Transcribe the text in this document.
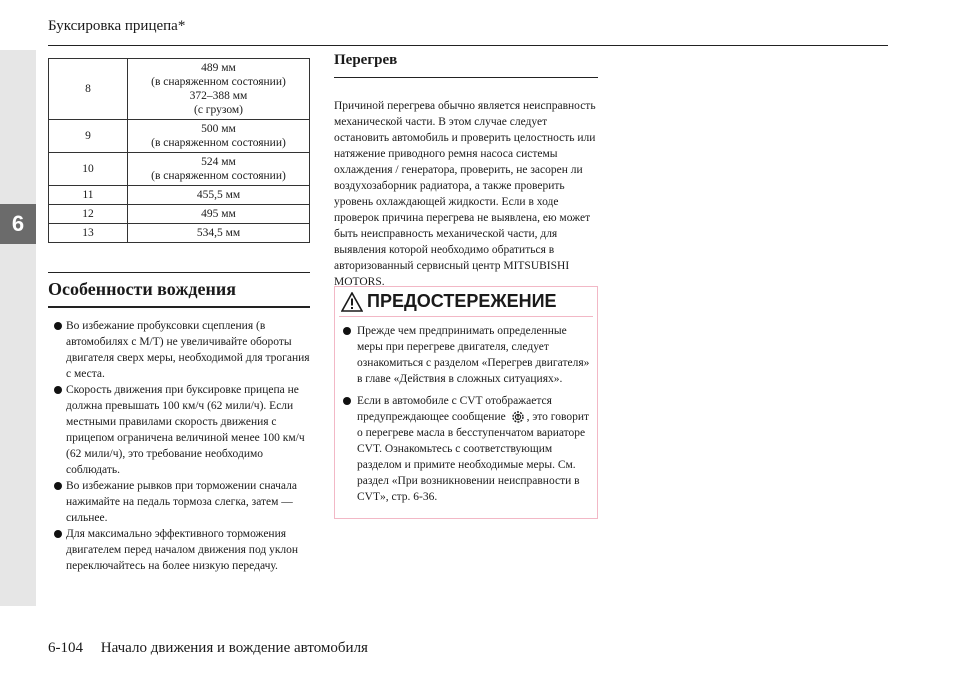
6
Буксировка прицепа*
8	489 мм
(в снаряженном состоянии)
372–388 мм
(с грузом)

9	500 мм
(в снаряженном состоянии)

10	524 мм
(в снаряженном состоянии)

11	455,5 мм

12	495 мм

13	534,5 мм
Особенности вождения
Во избежание пробуксовки сцепления (в автомобилях с M/T) не увеличивайте обороты двигателя сверх меры, необходимой для трогания с места.
Скорость движения при буксировке прицепа не должна превышать 100 км/ч (62 мили/ч). Если местными правилами скорость движения с прицепом ограничена величиной менее 100 км/ч (62 мили/ч), это требование необходимо соблюдать.
Во избежание рывков при торможении сначала нажимайте на педаль тормоза слегка, затем — сильнее.
Для максимально эффективного торможения двигателем перед началом движения под уклон переключайтесь на более низкую передачу.
Перегрев

Причиной перегрева обычно является неисправность механической части. В этом случае следует остановить автомобиль и проверить целостность или натяжение приводного ремня насоса системы охлаждения / генератора, проверить, не засорен ли воздухозаборник радиатора, а также проверить уровень охлаждающей жидкости. Если в ходе проверок причина перегрева не выявлена, ею может быть неисправность механической части, для выявления которой необходимо обратиться в авторизованный сервисный центр MITSUBISHI MOTORS.

ПРЕДОСТЕРЕЖЕНИЕ
Прежде чем предпринимать определенные меры при перегреве двигателя, следует ознакомиться с разделом «Перегрев двигателя» в главе «Действия в сложных ситуациях».
Если в автомобиле с CVT отображается предупреждающее сообщение , это говорит о перегреве масла в бесступенчатом вариаторе CVT. Ознакомьтесь с соответствующим разделом и примите необходимые меры. См. раздел «При возникновении неисправности в CVT», стр. 6-36.
6-104 Начало движения и вождение автомобиля
